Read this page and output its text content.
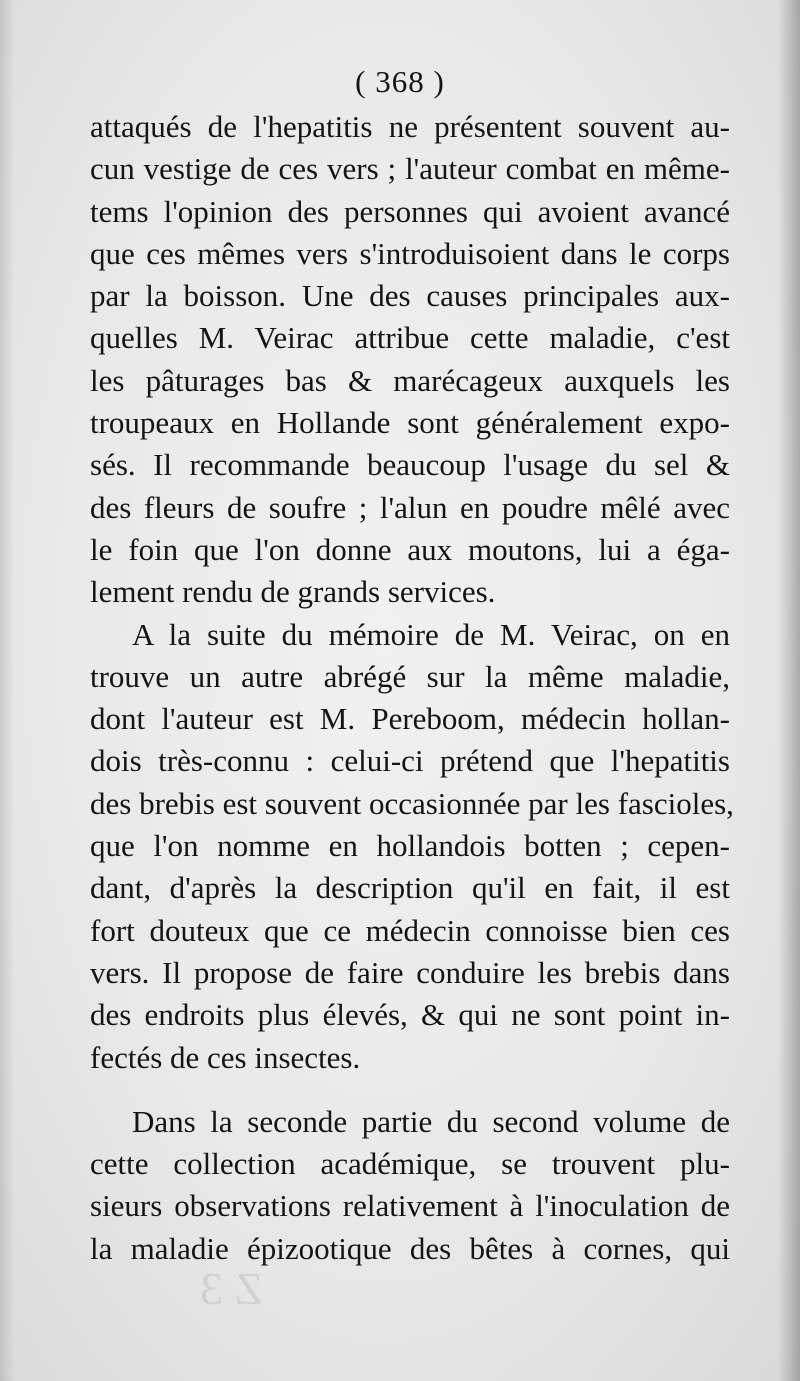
( 368 )
attaqués de l'hepatitis ne présentent souvent au-
cun vestige de ces vers ; l'auteur combat en même-
tems l'opinion des personnes qui avoient avancé
que ces mêmes vers s'introduisoient dans le corps
par la boisson. Une des causes principales aux-
quelles M. Veirac attribue cette maladie, c'est
les pâturages bas & marécageux auxquels les
troupeaux en Hollande sont généralement expo-
sés. Il recommande beaucoup l'usage du sel &
des fleurs de soufre ; l'alun en poudre mêlé avec
le foin que l'on donne aux moutons, lui a éga-
lement rendu de grands services.
A la suite du mémoire de M. Veirac, on en
trouve un autre abrégé sur la même maladie,
dont l'auteur est M. Pereboom, médecin hollan-
dois très-connu : celui-ci prétend que l'hepatitis
des brebis est souvent occasionnée par les fascioles,
que l'on nomme en hollandois botten ; cepen-
dant, d'après la description qu'il en fait, il est
fort douteux que ce médecin connoisse bien ces
vers. Il propose de faire conduire les brebis dans
des endroits plus élevés, & qui ne sont point in-
fectés de ces insectes.
Dans la seconde partie du second volume de
cette collection académique, se trouvent plu-
sieurs observations relativement à l'inoculation de
la maladie épizootique des bêtes à cornes, qui
Z 3
